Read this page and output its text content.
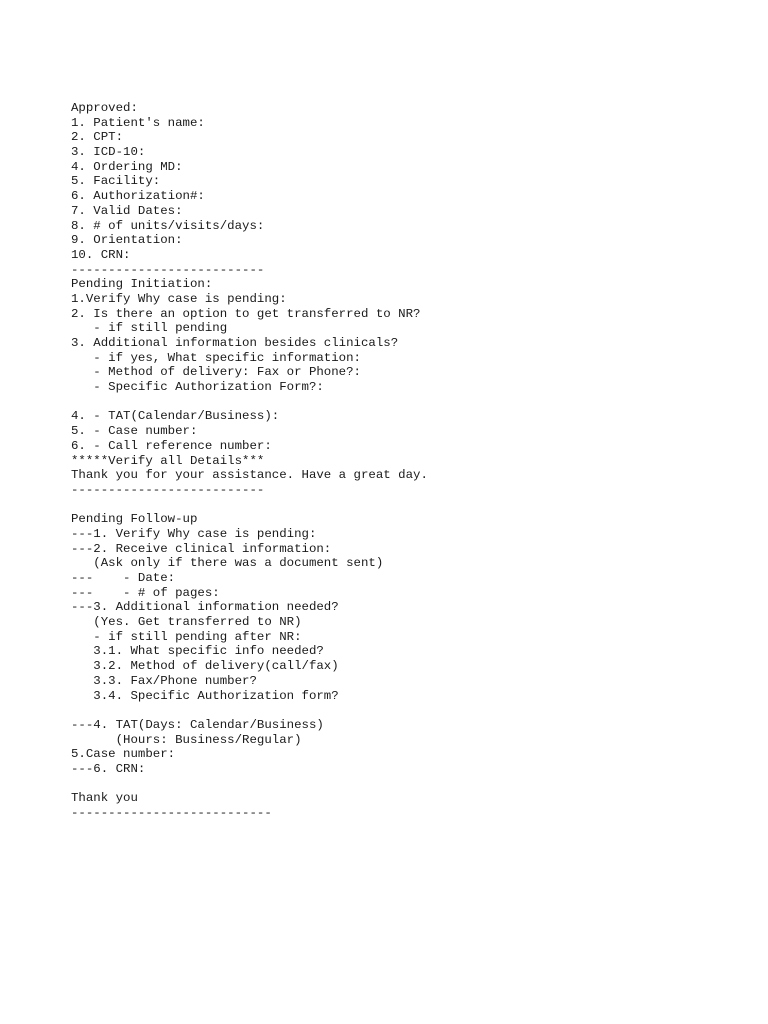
Approved:
1. Patient's name:
2. CPT:
3. ICD-10:
4. Ordering MD:
5. Facility:
6. Authorization#:
7. Valid Dates:
8. # of units/visits/days:
9. Orientation:
10. CRN:
--------------------------
Pending Initiation:
1.Verify Why case is pending:
2. Is there an option to get transferred to NR?
- if still pending
3. Additional information besides clinicals?
- if yes, What specific information:
- Method of delivery: Fax or Phone?:
- Specific Authorization Form?:
4. - TAT(Calendar/Business):
5. - Case number:
6. - Call reference number:
*****Verify all Details***
Thank you for your assistance. Have a great day.
--------------------------
Pending Follow-up
---1. Verify Why case is pending:
---2. Receive clinical information:
(Ask only if there was a document sent)
---    - Date:
---    - # of pages:
---3. Additional information needed?
(Yes. Get transferred to NR)
- if still pending after NR:
3.1. What specific info needed?
3.2. Method of delivery(call/fax)
3.3. Fax/Phone number?
3.4. Specific Authorization form?
---4. TAT(Days: Calendar/Business)
(Hours: Business/Regular)
5.Case number:
---6. CRN:
Thank you
---------------------------
